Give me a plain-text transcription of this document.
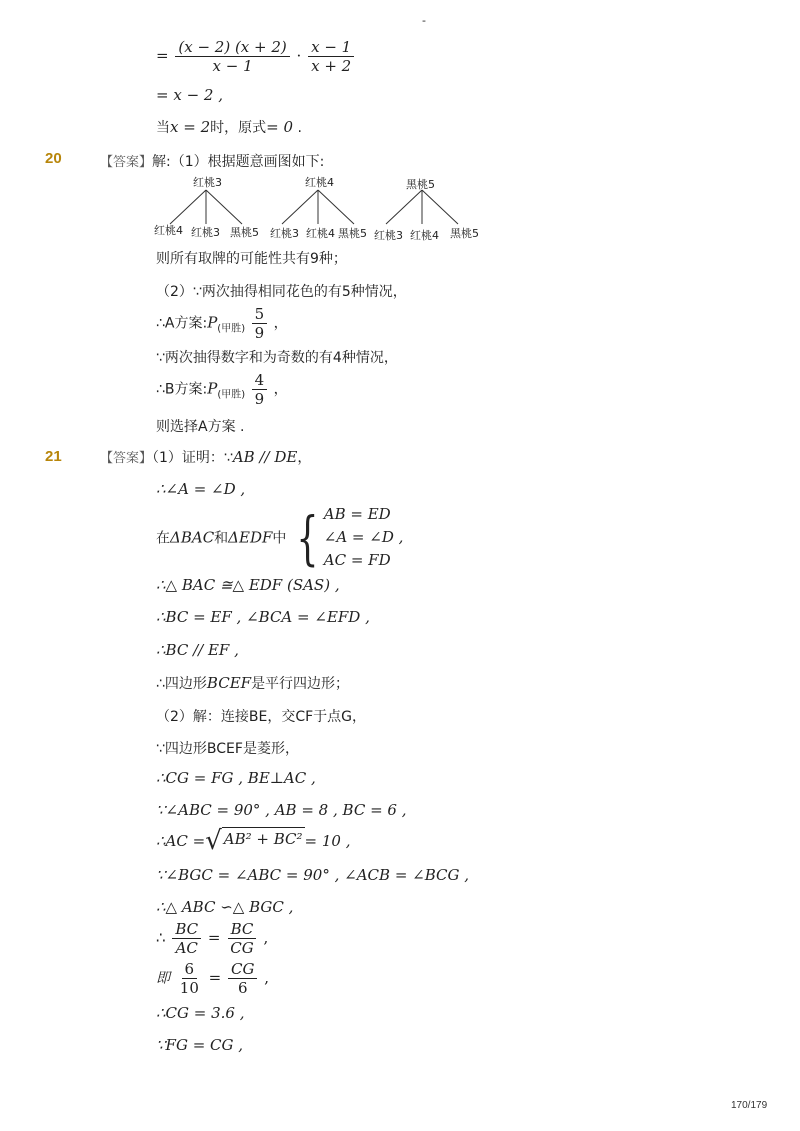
-
= $\frac{(x - 2) (x + 2)}{x - 1} \cdot \frac{x - 1}{x + 2}$
= x − 2 ,
当x = 2时，原式= 0 .
20	【答案】解:（1）根据题意画图如下:
红桃3	红桃4	黑桃5
红桃4 红桃3 黑桃5 红桃3 红桃4 黑桃5 红桃3 红桃4 黑桃5
则所有取牌的可能性共有9种；
（2）∵两次抽得相同花色的有5种情况，
∴A方案$:P_{(甲胜)} \frac{5}{9}$ ，
∵两次抽得数字和为奇数的有4种情况，
∴B方案$:P_{(甲胜)} \frac{4}{9}$ ，
则选择A方案 .
21	【答案】（1）证明：∵AB // DE，
∴∠A = ∠D ,
在ΔBAC和ΔEDF中 { AB = ED
∠A = ∠D ,
AC = FD
∴△ BAC ≅△ EDF (SAS) ,
∴BC = EF , ∠BCA = ∠EFD ,
∴BC // EF ,
∴四边形BCEF是平行四边形；
（2）解：连接BE，交CF于点G，
∵四边形BCEF是菱形，
∴CG = FG , BE⊥AC ,
∵∠ABC = 90° , AB = 8 , BC = 6 ,
∴AC = √ AB² + BC² = 10 ,
∵∠BGC = ∠ABC = 90° , ∠ACB = ∠BCG ,
∴△ ABC ∽△ BGC ,
∴ $\frac{BC}{AC} = \frac{BC}{CG}$ ,
即 $\frac{6}{10} = \frac{CG}{6}$ ,
∴CG = 3.6 ,
∵FG = CG ,
170/179
